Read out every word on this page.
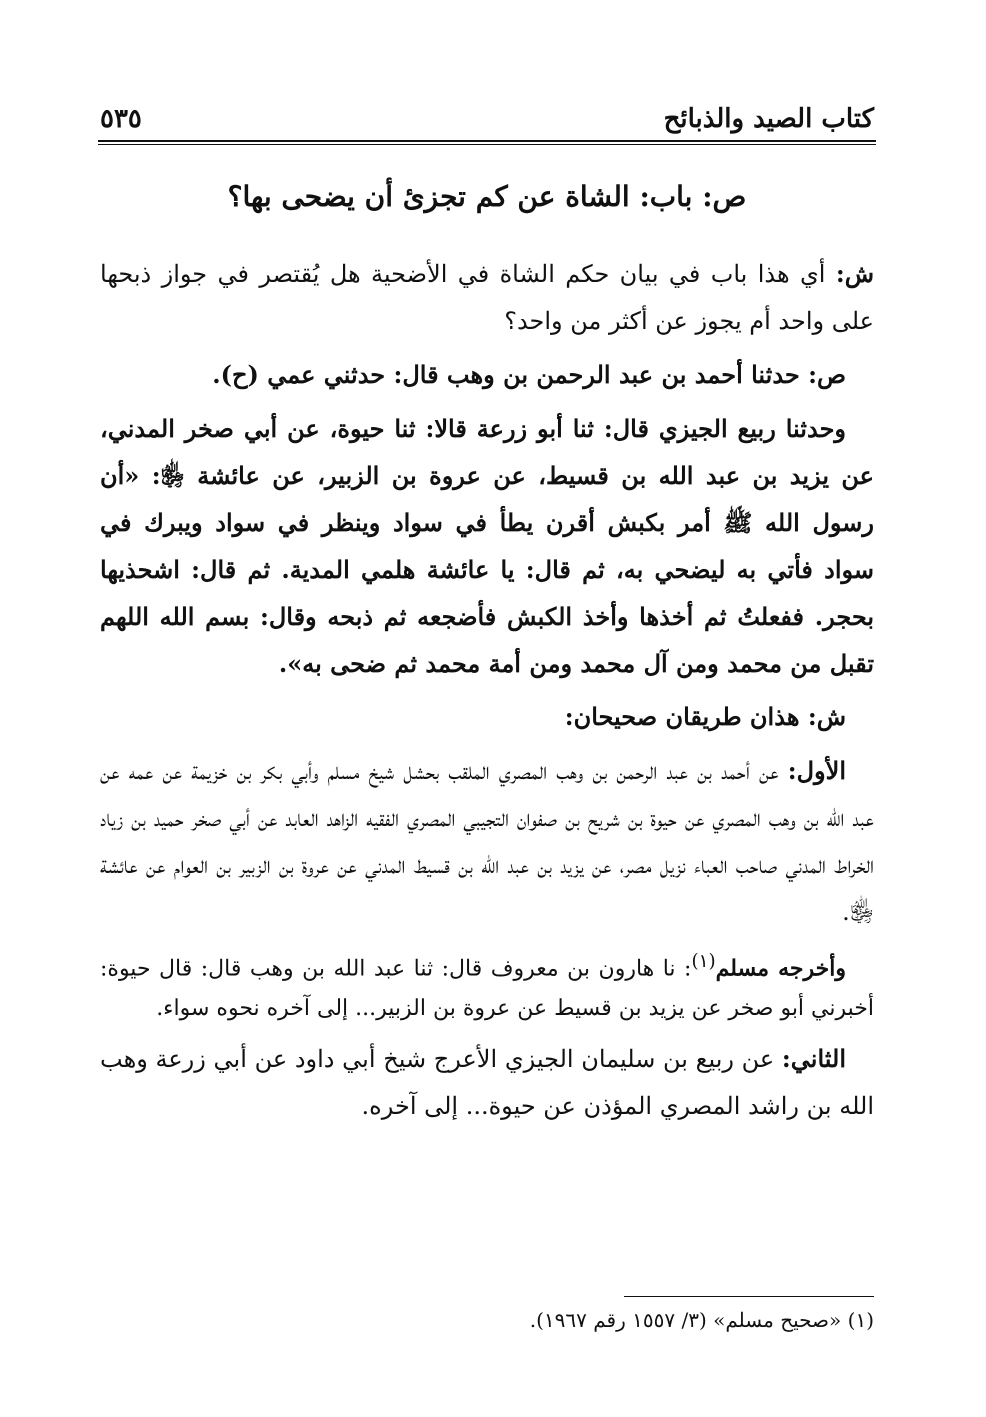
٥٣٥	كتاب الصيد والذبائح
ص: باب: الشاة عن كم تجزئ أن يضحى بها؟

ش: أي هذا باب في بيان حكم الشاة في الأضحية هل يُقتصر في جواز ذبحها على واحد أم يجوز عن أكثر من واحد؟

ص: حدثنا أحمد بن عبد الرحمن بن وهب قال: حدثني عمي (ح).

وحدثنا ربيع الجيزي قال: ثنا أبو زرعة قالا: ثنا حيوة، عن أبي صخر المدني، عن يزيد بن عبد الله بن قسيط، عن عروة بن الزبير، عن عائشة ﵂: «أن رسول الله ﷺ أمر بكبش أقرن يطأ في سواد وينظر في سواد ويبرك في سواد فأتي به ليضحي به، ثم قال: يا عائشة هلمي المدية. ثم قال: اشحذيها بحجر. ففعلتُ ثم أخذها وأخذ الكبش فأضجعه ثم ذبحه وقال: بسم الله اللهم تقبل من محمد ومن آل محمد ومن أمة محمد ثم ضحى به».

ش: هذان طريقان صحيحان:

الأول: عن أحمد بن عبد الرحمن بن وهب المصري الملقب بحشل شيخ مسلم وأبي بكر بن خزيمة عن عمه عن عبد الله بن وهب المصري عن حيوة بن شريح بن صفوان التجيبي المصري الفقيه الزاهد العابد عن أبي صخر حميد بن زياد الخراط المدني صاحب العباء نزيل مصر، عن يزيد بن عبد الله بن قسيط المدني عن عروة بن الزبير بن العوام عن عائشة ﵂.

وأخرجه مسلم$^{(١)}$: نا هارون بن معروف قال: ثنا عبد الله بن وهب قال: قال حيوة: أخبرني أبو صخر عن يزيد بن قسيط عن عروة بن الزبير... إلى آخره نحوه سواء.

الثاني: عن ربيع بن سليمان الجيزي الأعرج شيخ أبي داود عن أبي زرعة وهب الله بن راشد المصري المؤذن عن حيوة... إلى آخره.

(١) «صحيح مسلم» (٣/ ١٥٥٧ رقم ١٩٦٧).
